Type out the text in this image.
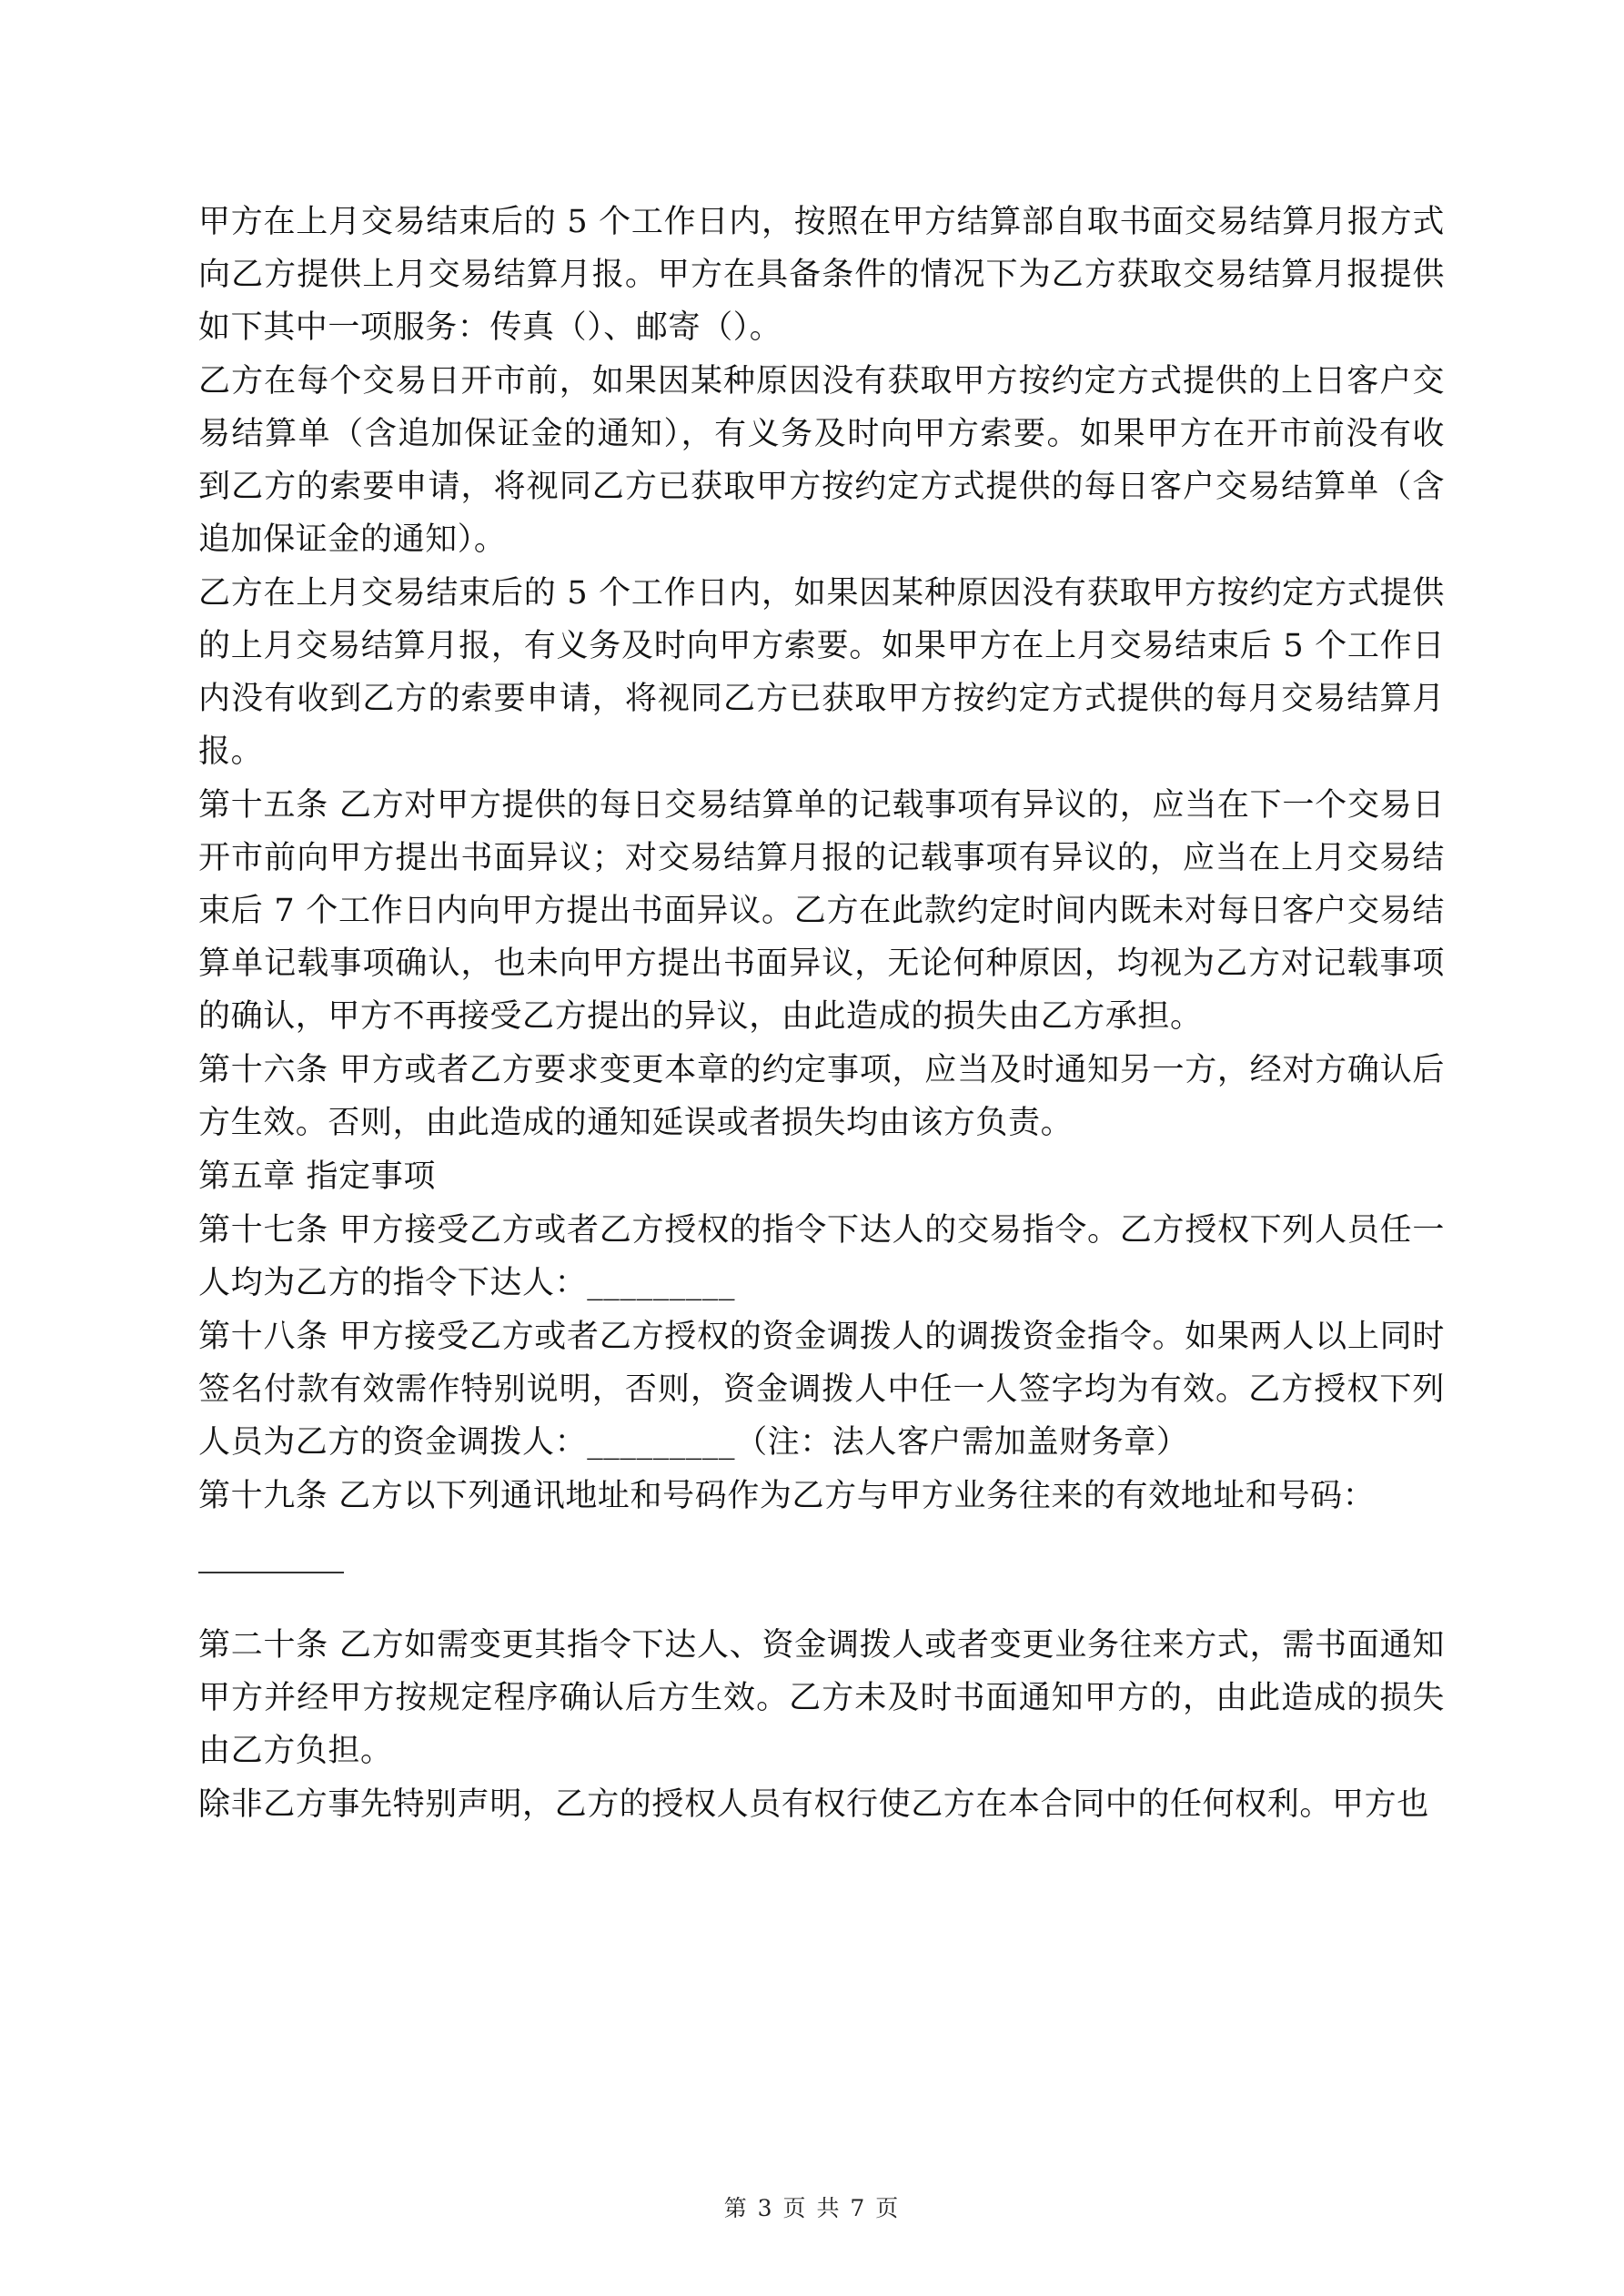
甲方在上月交易结束后的 5 个工作日内，按照在甲方结算部自取书面交易结算月报方式向乙方提供上月交易结算月报。甲方在具备条件的情况下为乙方获取交易结算月报提供如下其中一项服务：传真（）、邮寄（）。

乙方在每个交易日开市前，如果因某种原因没有获取甲方按约定方式提供的上日客户交易结算单（含追加保证金的通知），有义务及时向甲方索要。如果甲方在开市前没有收到乙方的索要申请，将视同乙方已获取甲方按约定方式提供的每日客户交易结算单（含追加保证金的通知）。

乙方在上月交易结束后的 5 个工作日内，如果因某种原因没有获取甲方按约定方式提供的上月交易结算月报，有义务及时向甲方索要。如果甲方在上月交易结束后 5 个工作日内没有收到乙方的索要申请，将视同乙方已获取甲方按约定方式提供的每月交易结算月报。

第十五条 乙方对甲方提供的每日交易结算单的记载事项有异议的，应当在下一个交易日开市前向甲方提出书面异议；对交易结算月报的记载事项有异议的，应当在上月交易结束后 7 个工作日内向甲方提出书面异议。乙方在此款约定时间内既未对每日客户交易结算单记载事项确认，也未向甲方提出书面异议，无论何种原因，均视为乙方对记载事项的确认，甲方不再接受乙方提出的异议，由此造成的损失由乙方承担。

第十六条 甲方或者乙方要求变更本章的约定事项，应当及时通知另一方，经对方确认后方生效。否则，由此造成的通知延误或者损失均由该方负责。

第五章 指定事项

第十七条 甲方接受乙方或者乙方授权的指令下达人的交易指令。乙方授权下列人员任一人均为乙方的指令下达人：_________

第十八条 甲方接受乙方或者乙方授权的资金调拨人的调拨资金指令。如果两人以上同时签名付款有效需作特别说明，否则，资金调拨人中任一人签字均为有效。乙方授权下列人员为乙方的资金调拨人：_________（注：法人客户需加盖财务章）

第十九条 乙方以下列通讯地址和号码作为乙方与甲方业务往来的有效地址和号码：

第二十条 乙方如需变更其指令下达人、资金调拨人或者变更业务往来方式，需书面通知甲方并经甲方按规定程序确认后方生效。乙方未及时书面通知甲方的，由此造成的损失由乙方负担。

除非乙方事先特别声明，乙方的授权人员有权行使乙方在本合同中的任何权利。甲方也

第 3 页 共 7 页
